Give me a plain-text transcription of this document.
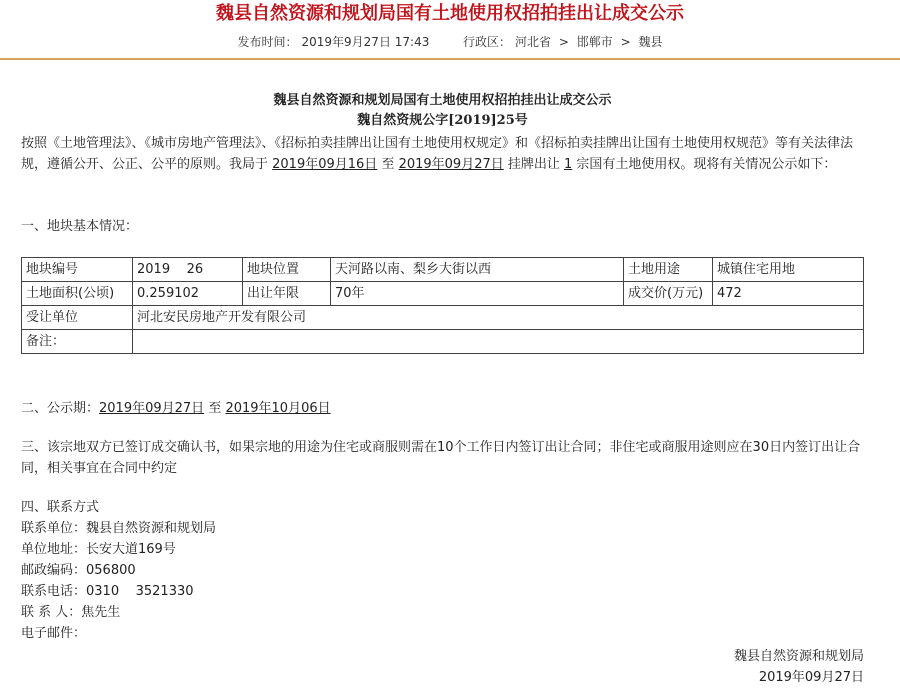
魏县自然资源和规划局国有土地使用权招拍挂出让成交公示
发布时间： 2019年9月27日 17:43	行政区： 河北省 > 邯郸市 > 魏县
魏县自然资源和规划局国有土地使用权招拍挂出让成交公示
魏自然资规公字[2019]25号
按照《土地管理法》、《城市房地产管理法》、《招标拍卖挂牌出让国有土地使用权规定》和《招标拍卖挂牌出让国有土地使用权规范》等有关法律法规，遵循公开、公正、公平的原则。我局于 2019年09月16日 至 2019年09月27日 挂牌出让 1 宗国有土地使用权。现将有关情况公示如下：
一、地块基本情况：
地块编号	2019    26	地块位置	天河路以南、梨乡大街以西	土地用途	城镇住宅用地
土地面积(公顷)	0.259102	出让年限	70年	成交价(万元)	472
受让单位	河北安民房地产开发有限公司				
备注：					
二、公示期：2019年09月27日 至 2019年10月06日
三、该宗地双方已签订成交确认书，如果宗地的用途为住宅或商服则需在10个工作日内签订出让合同；非住宅或商服用途则应在30日内签订出让合同，相关事宜在合同中约定
四、联系方式
联系单位：魏县自然资源和规划局
单位地址：长安大道169号
邮政编码：056800
联系电话：0310    3521330
联 系 人：焦先生
电子邮件：
魏县自然资源和规划局
2019年09月27日
